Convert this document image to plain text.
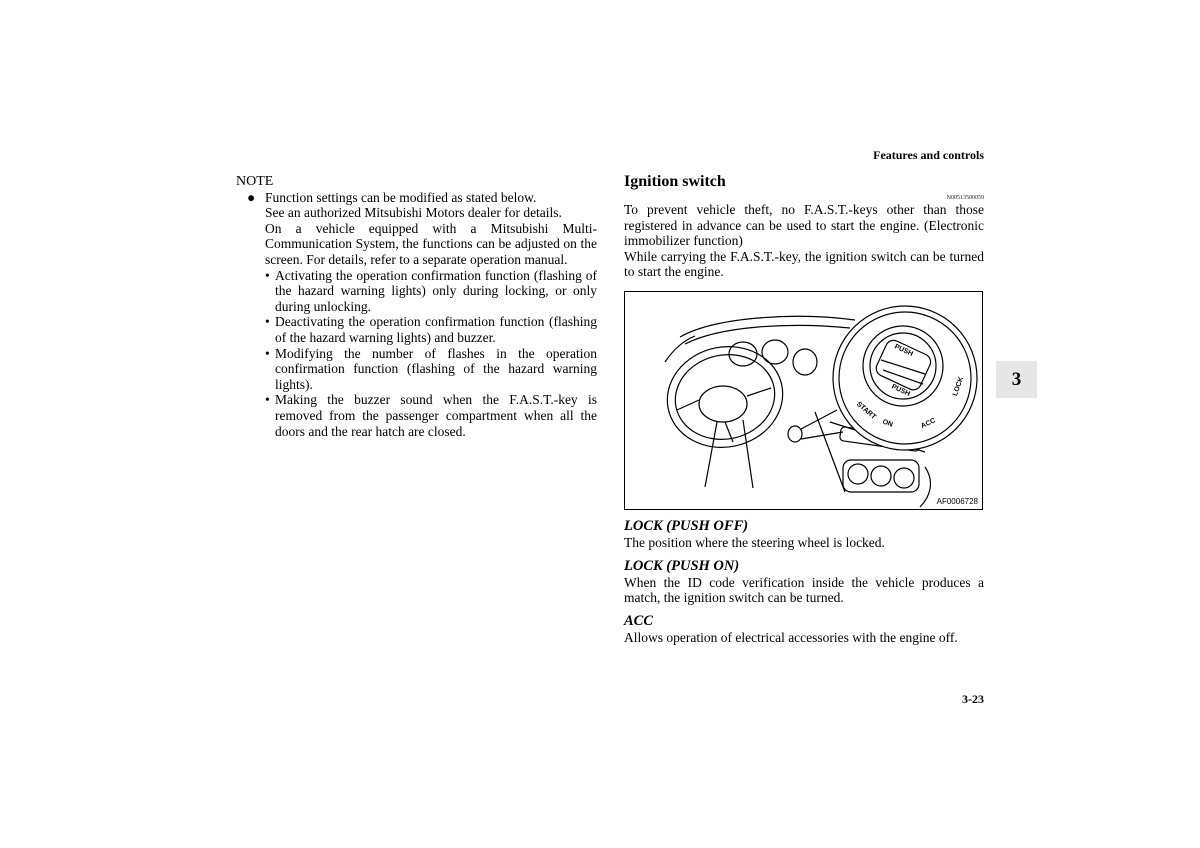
Features and controls
3
NOTE
● Function settings can be modified as stated below.
See an authorized Mitsubishi Motors dealer for details.
On a vehicle equipped with a Mitsubishi Multi-Communication System, the functions can be adjusted on the screen. For details, refer to a separate operation manual.
• Activating the operation confirmation function (flashing of the hazard warning lights) only during locking, or only during unlocking.
• Deactivating the operation confirmation function (flashing of the hazard warning lights) and buzzer.
• Modifying the number of flashes in the operation confirmation function (flashing of the hazard warning lights).
• Making the buzzer sound when the F.A.S.T.-key is removed from the passenger compartment when all the doors and the rear hatch are closed.
Ignition switch
N00513500059
To prevent vehicle theft, no F.A.S.T.-keys other than those registered in advance can be used to start the engine. (Electronic immobilizer function)
While carrying the F.A.S.T.-key, the ignition switch can be turned to start the engine.
PUSH
PUSH	LOCK
START
ON	ACC
AF0006728
LOCK (PUSH OFF)
The position where the steering wheel is locked.
LOCK (PUSH ON)
When the ID code verification inside the vehicle produces a match, the ignition switch can be turned.
ACC
Allows operation of electrical accessories with the engine off.
3-23
